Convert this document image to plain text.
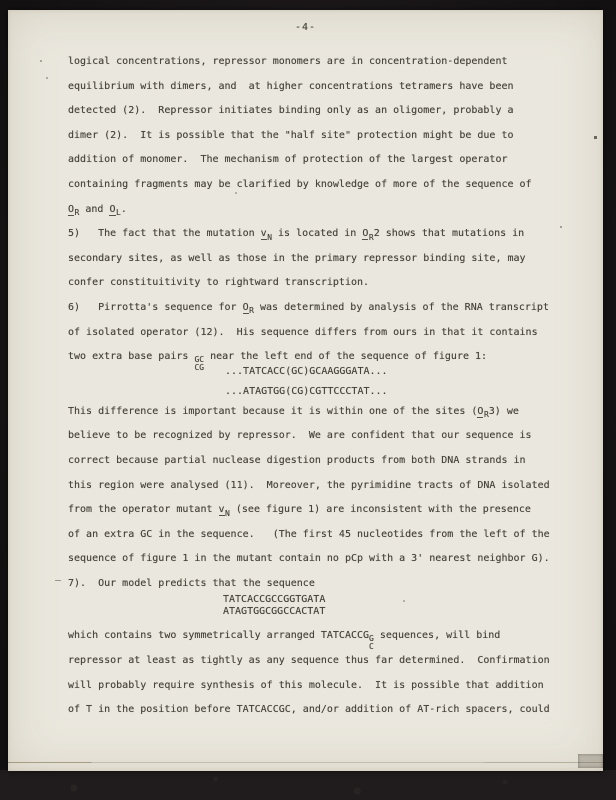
-4-
logical concentrations, repressor monomers are in concentration-dependent
equilibrium with dimers, and  at higher concentrations tetramers have been
detected (2).  Repressor initiates binding only as an oligomer, probably a
dimer (2).  It is possible that the "half site" protection might be due to
addition of monomer.  The mechanism of protection of the largest operator
containing fragments may be clarified by knowledge of more of the sequence of
$O_R$ and $O_L$.
5)   The fact that the mutation $v_N$ is located in $O_R2$ shows that mutations in
secondary sites, as well as those in the primary repressor binding site, may
confer constituitivity to rightward transcription.
6)   Pirrotta's sequence for $O_R$ was determined by analysis of the RNA transcript
of isolated operator (12).  His sequence differs from ours in that it contains
two extra base pairs GC
CG
near the left end of the sequence of figure 1:
...TATCACC(GC)GCAAGGGATA...
...ATAGTGG(CG)CGTTCCCTAT...
This difference is important because it is within one of the sites $(O_R3)$ we
believe to be recognized by repressor.  We are confident that our sequence is
correct because partial nuclease digestion products from both DNA strands in
this region were analysed (11).  Moreover, the pyrimidine tracts of DNA isolated
from the operator mutant $v_N$ (see figure 1) are inconsistent with the presence
of an extra GC in the sequence.   (The first 45 nucleotides from the left of the
sequence of figure 1 in the mutant contain no pCp with a 3' nearest neighbor G).
7).  Our model predicts that the sequence
TATCACCGCCGGTGATA
ATAGTGGCGGCCACTAT
which contains two symmetrically arranged TATCACCG G
C
sequences, will bind
repressor at least as tightly as any sequence thus far determined.  Confirmation
will probably require synthesis of this molecule.  It is possible that addition
of T in the position before TATCACCGC, and/or addition of AT-rich spacers, could
